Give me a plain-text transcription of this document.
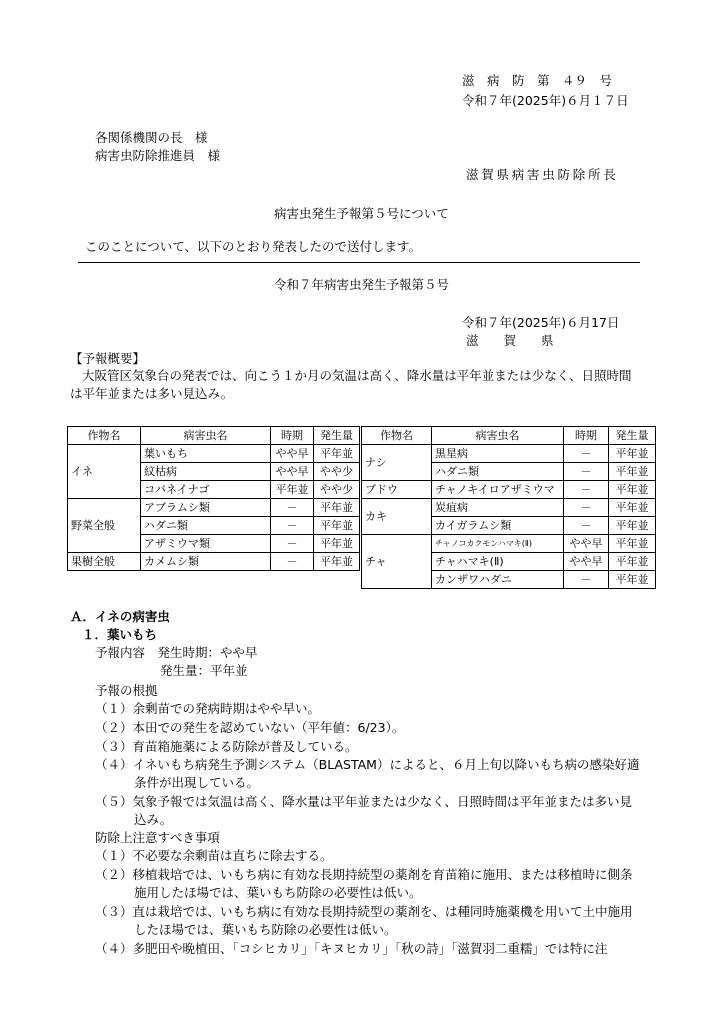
滋　病　防　第　４９　号
令和７年(2025年)６月１７日
各関係機関の長　様
病害虫防除推進員　様
滋賀県病害虫防除所長
病害虫発生予報第５号について
このことについて、以下のとおり発表したので送付します。
令和７年病害虫発生予報第５号
令和７年(2025年)６月17日
滋　　賀　　県
【予報概要】
大阪管区気象台の発表では、向こう１か月の気温は高く、降水量は平年並または少なく、日照時間
は平年並または多い見込み。
作物名	病害虫名	時期	発生量
イネ	葉いもち	やや早	平年並
	紋枯病	やや早	やや少
	コバネイナゴ	平年並	やや少
野菜全般	アブラムシ類	－	平年並
	ハダニ類	－	平年並
	アザミウマ類	－	平年並
果樹全般	カメムシ類	－	平年並
作物名	病害虫名	時期	発生量
ナシ	黒星病	－	平年並
	ハダニ類	－	平年並
ブドウ	チャノキイロアザミウマ	－	平年並
カキ	炭疽病	－	平年並
	カイガラムシ類	－	平年並
チャ	チャノコカクモンハマキ(Ⅱ)	やや早	平年並
	チャハマキ(Ⅱ)	やや早	平年並
	カンザワハダニ	－	平年並
Ａ．イネの病害虫
１．葉いもち
予報内容　発生時期：やや早
発生量：平年並
予報の根拠
（１）余剰苗での発病時期はやや早い。
（２）本田での発生を認めていない（平年値：6/23）。
（３）育苗箱施薬による防除が普及している。
（４）イネいもち病発生予測システム（BLASTAM）によると、６月上旬以降いもち病の感染好適
条件が出現している。
（５）気象予報では気温は高く、降水量は平年並または少なく、日照時間は平年並または多い見
込み。
防除上注意すべき事項
（１）不必要な余剰苗は直ちに除去する。
（２）移植栽培では、いもち病に有効な長期持続型の薬剤を育苗箱に施用、または移植時に側条
施用したほ場では、葉いもち防除の必要性は低い。
（３）直は栽培では、いもち病に有効な長期持続型の薬剤を、は種同時施薬機を用いて土中施用
したほ場では、葉いもち防除の必要性は低い。
（４）多肥田や晩植田、「コシヒカリ」「キヌヒカリ」「秋の詩」「滋賀羽二重糯」では特に注
